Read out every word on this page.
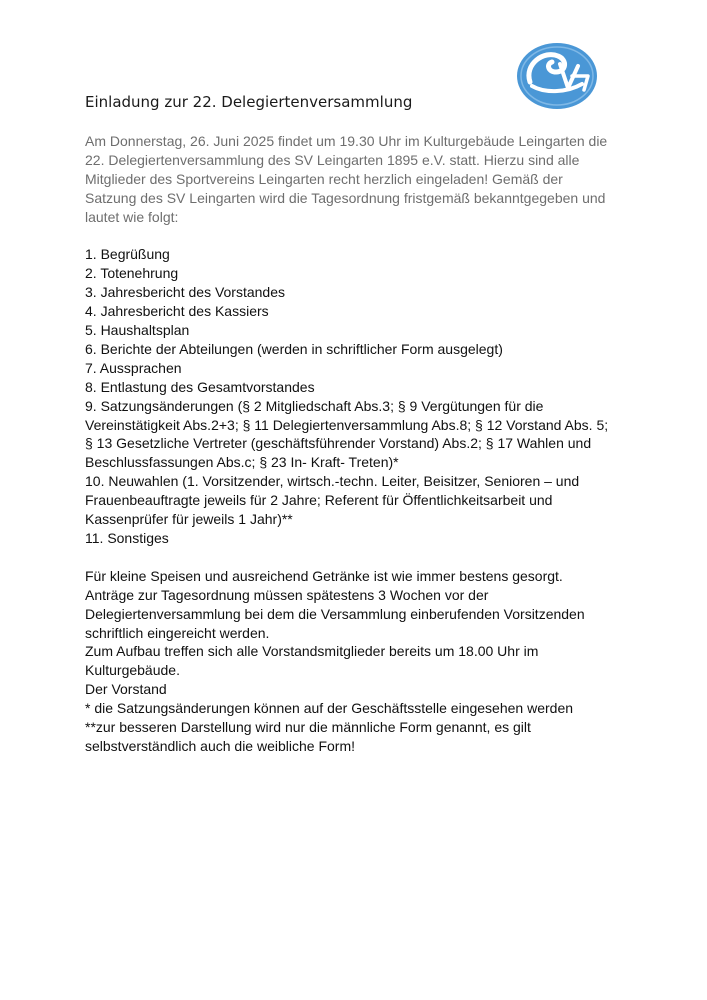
Einladung zur 22. Delegiertenversammlung

Am Donnerstag, 26. Juni 2025 findet um 19.30 Uhr im Kulturgebäude Leingarten die
22. Delegiertenversammlung des SV Leingarten 1895 e.V. statt. Hierzu sind alle
Mitglieder des Sportvereins Leingarten recht herzlich eingeladen! Gemäß der
Satzung des SV Leingarten wird die Tagesordnung fristgemäß bekanntgegeben und
lautet wie folgt:

1. Begrüßung
2. Totenehrung
3. Jahresbericht des Vorstandes
4. Jahresbericht des Kassiers
5. Haushaltsplan
6. Berichte der Abteilungen (werden in schriftlicher Form ausgelegt)
7. Aussprachen
8. Entlastung des Gesamtvorstandes
9. Satzungsänderungen (§ 2 Mitgliedschaft Abs.3; § 9 Vergütungen für die
Vereinstätigkeit Abs.2+3; § 11 Delegiertenversammlung Abs.8; § 12 Vorstand Abs. 5;
§ 13 Gesetzliche Vertreter (geschäftsführender Vorstand) Abs.2; § 17 Wahlen und
Beschlussfassungen Abs.c; § 23 In- Kraft- Treten)*
10. Neuwahlen (1. Vorsitzender, wirtsch.-techn. Leiter, Beisitzer, Senioren – und
Frauenbeauftragte jeweils für 2 Jahre; Referent für Öffentlichkeitsarbeit und
Kassenprüfer für jeweils 1 Jahr)**
11. Sonstiges
Für kleine Speisen und ausreichend Getränke ist wie immer bestens gesorgt.
Anträge zur Tagesordnung müssen spätestens 3 Wochen vor der
Delegiertenversammlung bei dem die Versammlung einberufenden Vorsitzenden
schriftlich eingereicht werden.
Zum Aufbau treffen sich alle Vorstandsmitglieder bereits um 18.00 Uhr im
Kulturgebäude.
Der Vorstand
* die Satzungsänderungen können auf der Geschäftsstelle eingesehen werden
**zur besseren Darstellung wird nur die männliche Form genannt, es gilt
selbstverständlich auch die weibliche Form!
